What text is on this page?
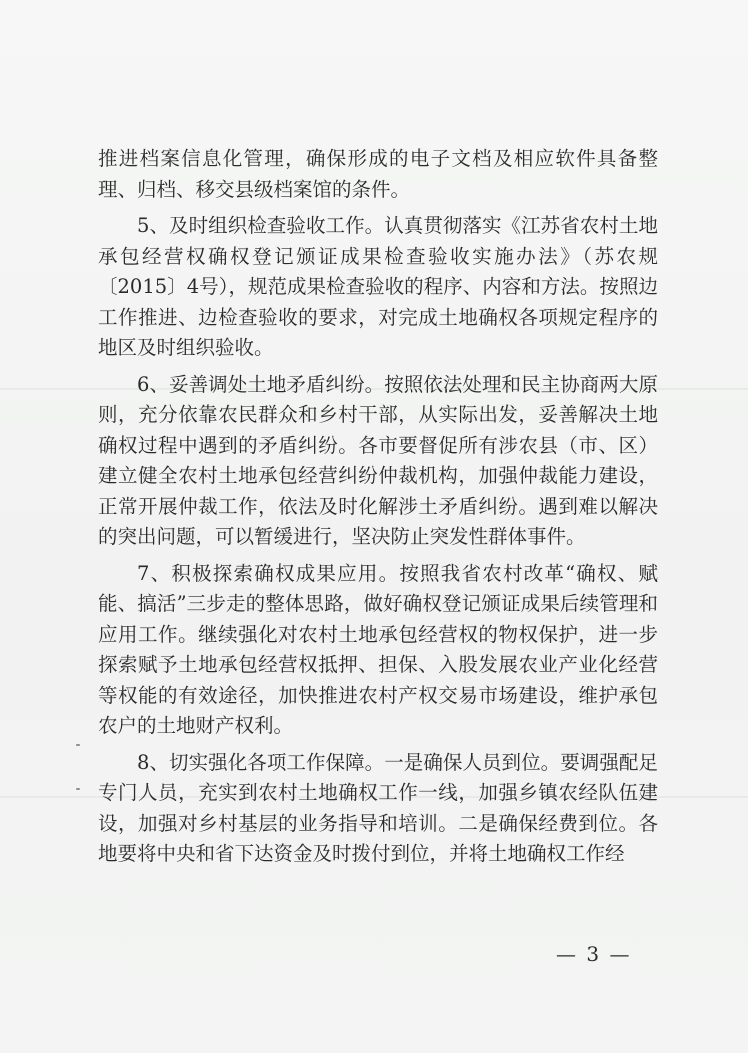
推进档案信息化管理，确保形成的电子文档及相应软件具备整理、归档、移交县级档案馆的条件。

5、及时组织检查验收工作。认真贯彻落实《江苏省农村土地承包经营权确权登记颁证成果检查验收实施办法》（苏农规〔2015〕4号），规范成果检查验收的程序、内容和方法。按照边工作推进、边检查验收的要求，对完成土地确权各项规定程序的地区及时组织验收。

6、妥善调处土地矛盾纠纷。按照依法处理和民主协商两大原则，充分依靠农民群众和乡村干部，从实际出发，妥善解决土地确权过程中遇到的矛盾纠纷。各市要督促所有涉农县（市、区）建立健全农村土地承包经营纠纷仲裁机构，加强仲裁能力建设，正常开展仲裁工作，依法及时化解涉土矛盾纠纷。遇到难以解决的突出问题，可以暂缓进行，坚决防止突发性群体事件。

7、积极探索确权成果应用。按照我省农村改革“确权、赋能、搞活”三步走的整体思路，做好确权登记颁证成果后续管理和应用工作。继续强化对农村土地承包经营权的物权保护，进一步探索赋予土地承包经营权抵押、担保、入股发展农业产业化经营等权能的有效途径，加快推进农村产权交易市场建设，维护承包农户的土地财产权利。

8、切实强化各项工作保障。一是确保人员到位。要调强配足专门人员，充实到农村土地确权工作一线，加强乡镇农经队伍建设，加强对乡村基层的业务指导和培训。二是确保经费到位。各地要将中央和省下达资金及时拨付到位，并将土地确权工作经

— 3 —
